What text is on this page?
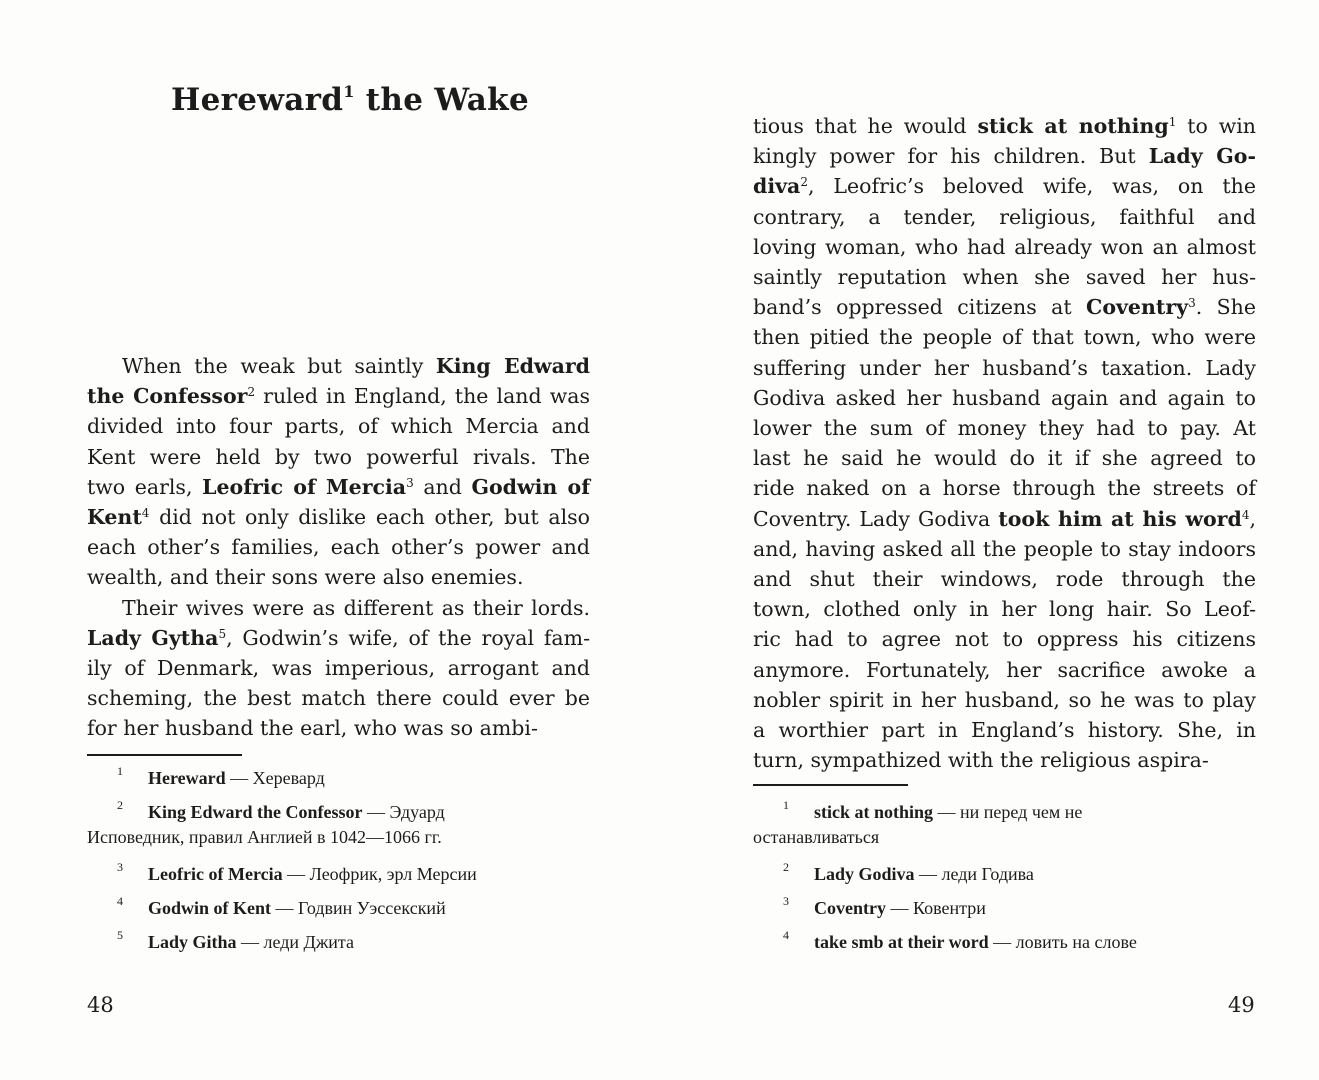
Hereward$^1$ the Wake
When the weak but saintly King Edward
the Confessor$^2$ ruled in England, the land was
divided into four parts, of which Mercia and
Kent were held by two powerful rivals. The
two earls, Leofric of Mercia$^3$ and Godwin of
Kent$^4$ did not only dislike each other, but also
each other’s families, each other’s power and
wealth, and their sons were also enemies.
Their wives were as different as their lords.
Lady Gytha$^5$, Godwin’s wife, of the royal fam-
ily of Denmark, was imperious, arrogant and
scheming, the best match there could ever be
for her husband the earl, who was so ambi-
1 Hereward — Херевард
2 King Edward the Confessor — Эдуард
Исповедник, правил Англией в 1042—1066 гг.
3 Leofric of Mercia — Леофрик, эрл Мерсии
4 Godwin of Kent — Годвин Уэссекский
5 Lady Githa — леди Джита
48
tious that he would stick at nothing$^1$ to win
kingly power for his children. But Lady Go-
diva$^2$, Leofric’s beloved wife, was, on the
contrary, a tender, religious, faithful and
loving woman, who had already won an almost
saintly reputation when she saved her hus-
band’s oppressed citizens at Coventry$^3$. She
then pitied the people of that town, who were
suffering under her husband’s taxation. Lady
Godiva asked her husband again and again to
lower the sum of money they had to pay. At
last he said he would do it if she agreed to
ride naked on a horse through the streets of
Coventry. Lady Godiva took him at his word$^4$,
and, having asked all the people to stay indoors
and shut their windows, rode through the
town, clothed only in her long hair. So Leof-
ric had to agree not to oppress his citizens
anymore. Fortunately, her sacrifice awoke a
nobler spirit in her husband, so he was to play
a worthier part in England’s history. She, in
turn, sympathized with the religious aspira-
1 stick at nothing — ни перед чем не
останавливаться
2 Lady Godiva — леди Годива
3 Coventry — Ковентри
4 take smb at their word — ловить на слове
49
